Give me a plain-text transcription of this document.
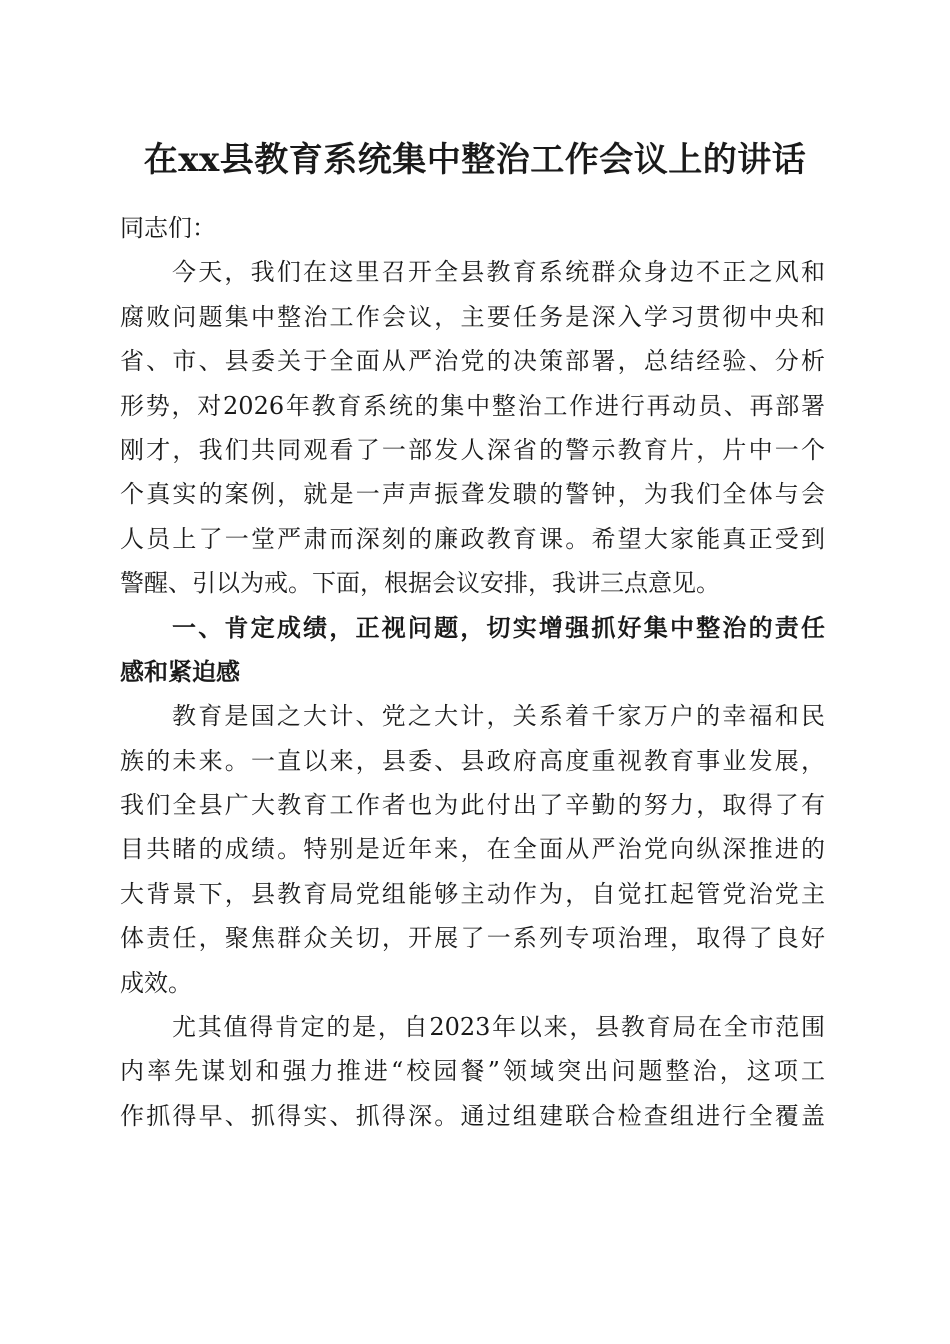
在xx县教育系统集中整治工作会议上的讲话
同志们：
今天，我们在这里召开全县教育系统群众身边不正之风和
腐败问题集中整治工作会议，主要任务是深入学习贯彻中央和
省、市、县委关于全面从严治党的决策部署，总结经验、分析
形势，对2026年教育系统的集中整治工作进行再动员、再部署
刚才，我们共同观看了一部发人深省的警示教育片，片中一个
个真实的案例，就是一声声振聋发聩的警钟，为我们全体与会
人员上了一堂严肃而深刻的廉政教育课。希望大家能真正受到
警醒、引以为戒。下面，根据会议安排，我讲三点意见。
一、肯定成绩，正视问题，切实增强抓好集中整治的责任
感和紧迫感
教育是国之大计、党之大计，关系着千家万户的幸福和民
族的未来。一直以来，县委、县政府高度重视教育事业发展，
我们全县广大教育工作者也为此付出了辛勤的努力，取得了有
目共睹的成绩。特别是近年来，在全面从严治党向纵深推进的
大背景下，县教育局党组能够主动作为，自觉扛起管党治党主
体责任，聚焦群众关切，开展了一系列专项治理，取得了良好
成效。
尤其值得肯定的是，自2023年以来，县教育局在全市范围
内率先谋划和强力推进“校园餐”领域突出问题整治，这项工
作抓得早、抓得实、抓得深。通过组建联合检查组进行全覆盖
